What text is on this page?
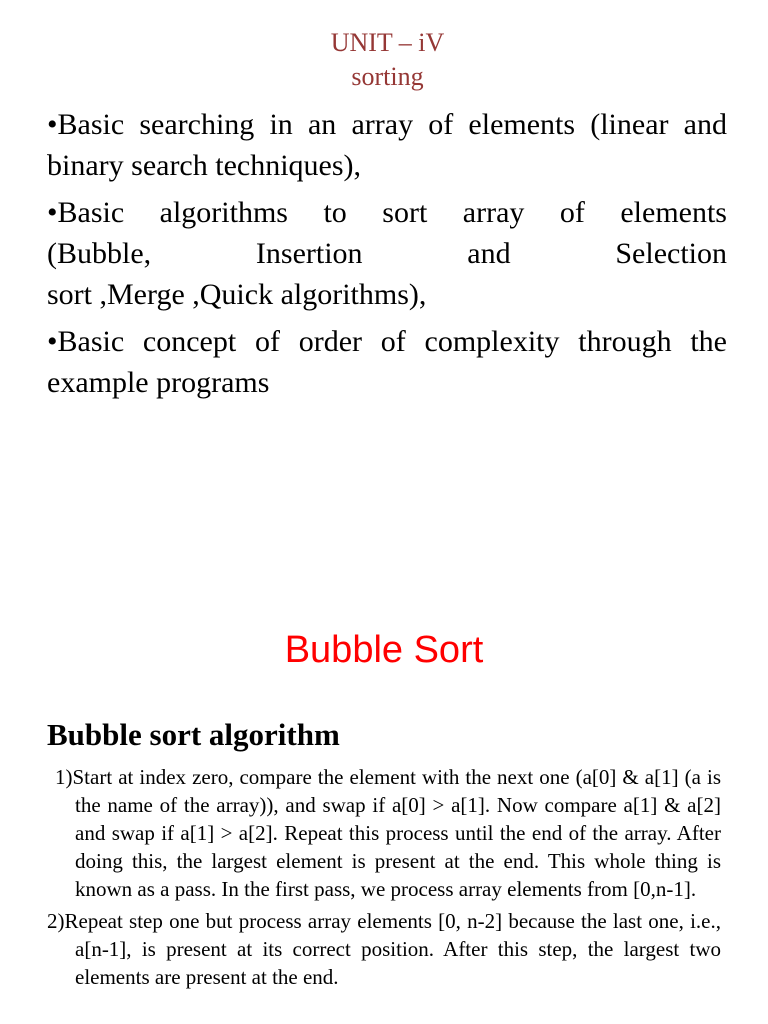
UNIT – iV

sorting

• Basic searching in an array of elements (linear and binary search techniques),
• Basic algorithms to sort array of elements
(Bubble, Insertion and Selection
sort ,Merge ,Quick algorithms),
• Basic concept of order of complexity through the example programs

Bubble Sort

Bubble sort algorithm

1)Start at index zero, compare the element with the next one (a[0] & a[1] (a is the name of the array)), and swap if a[0] > a[1]. Now compare a[1] & a[2] and swap if a[1] > a[2]. Repeat this process until the end of the array. After doing this, the largest element is present at the end. This whole thing is known as a pass. In the first pass, we process array elements from [0,n-1].
2)Repeat step one but process array elements [0, n-2] because the last one, i.e., a[n-1], is present at its correct position. After this step, the largest two elements are present at the end.
